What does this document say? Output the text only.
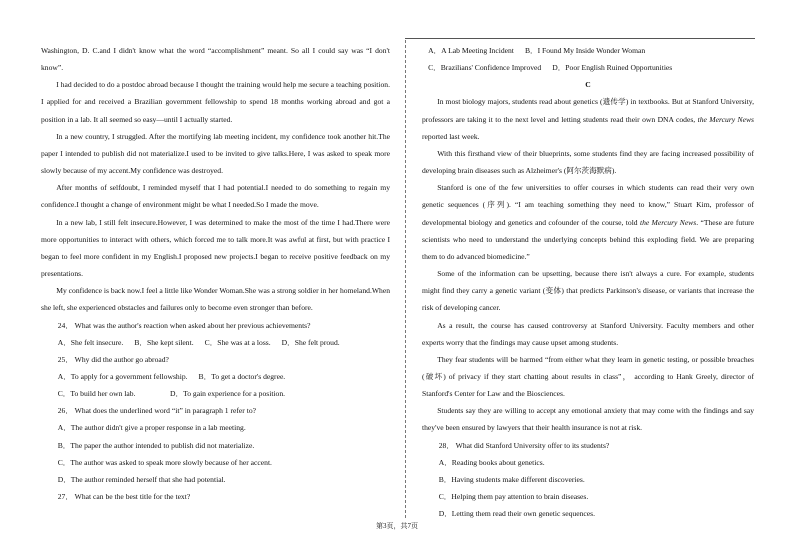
Washington, D. C.and I didn't know what the word “accomplishment” meant. So all I could say was “I don't know”.

I had decided to do a postdoc abroad because I thought the training would help me secure a teaching position. I applied for and received a Brazilian government fellowship to spend 18 months working abroad and got a position in a lab. It all seemed so easy—until I actually started.

In a new country, I struggled. After the mortifying lab meeting incident, my confidence took another hit.The paper I intended to publish did not materialize.I used to be invited to give talks.Here, I was asked to speak more slowly because of my accent.My confidence was destroyed.

After months of selfdoubt, I reminded myself that I had potential.I needed to do something to regain my confidence.I thought a change of environment might be what I needed.So I made the move.

In a new lab, I still felt insecure.However, I was determined to make the most of the time I had.There were more opportunities to interact with others, which forced me to talk more.It was awful at first, but with practice I began to feel more confident in my English.I proposed new projects.I began to receive positive feedback on my presentations.

My confidence is back now.I feel a little like Wonder Woman.She was a strong soldier in her homeland.When she left, she experienced obstacles and failures only to become even stronger than before.

24． What was the author's reaction when asked about her previous achievements?

A．She felt insecure. B．She kept silent. C．She was at a loss. D．She felt proud.

25． Why did the author go abroad?

A．To apply for a government fellowship. B．To get a doctor's degree.

C．To build her own lab.	D．To gain experience for a position.

26． What does the underlined word “it” in paragraph 1 refer to?

A．The author didn't give a proper response in a lab meeting.

B．The paper the author intended to publish did not materialize.

C．The author was asked to speak more slowly because of her accent.

D．The author reminded herself that she had potential.

27． What can be the best title for the text?

A．A Lab Meeting Incident B．I Found My Inside Wonder Woman

C．Brazilians' Confidence Improved D．Poor English Ruined Opportunities

C

In most biology majors, students read about genetics (遗传学) in textbooks. But at Stanford University, professors are taking it to the next level and letting students read their own DNA codes, the Mercury News reported last week.

With this firsthand view of their blueprints, some students find they are facing increased possibility of developing brain diseases such as Alzheimer's (阿尔茨海默病).

Stanford is one of the few universities to offer courses in which students can read their very own genetic sequences (序列). “I am teaching something they need to know,” Stuart Kim, professor of developmental biology and genetics and cofounder of the course, told the Mercury News. “These are future scientists who need to understand the underlying concepts behind this exploding field. We are preparing them to do advanced biomedicine.”

Some of the information can be upsetting, because there isn't always a cure. For example, students might find they carry a genetic variant (变体) that predicts Parkinson's disease, or variants that increase the risk of developing cancer.

As a result, the course has caused controversy at Stanford University. Faculty members and other experts worry that the findings may cause upset among students.

They fear students will be harmed “from either what they learn in genetic testing, or possible breaches (破坏) of privacy if they start chatting about results in class”， according to Hank Greely, director of Stanford's Center for Law and the Biosciences.

Students say they are willing to accept any emotional anxiety that may come with the findings and say they've been ensured by lawyers that their health insurance is not at risk.

28． What did Stanford University offer to its students?

A．Reading books about genetics.

B．Having students make different discoveries.

C．Helping them pay attention to brain diseases.

D．Letting them read their own genetic sequences.

第3页，共7页
